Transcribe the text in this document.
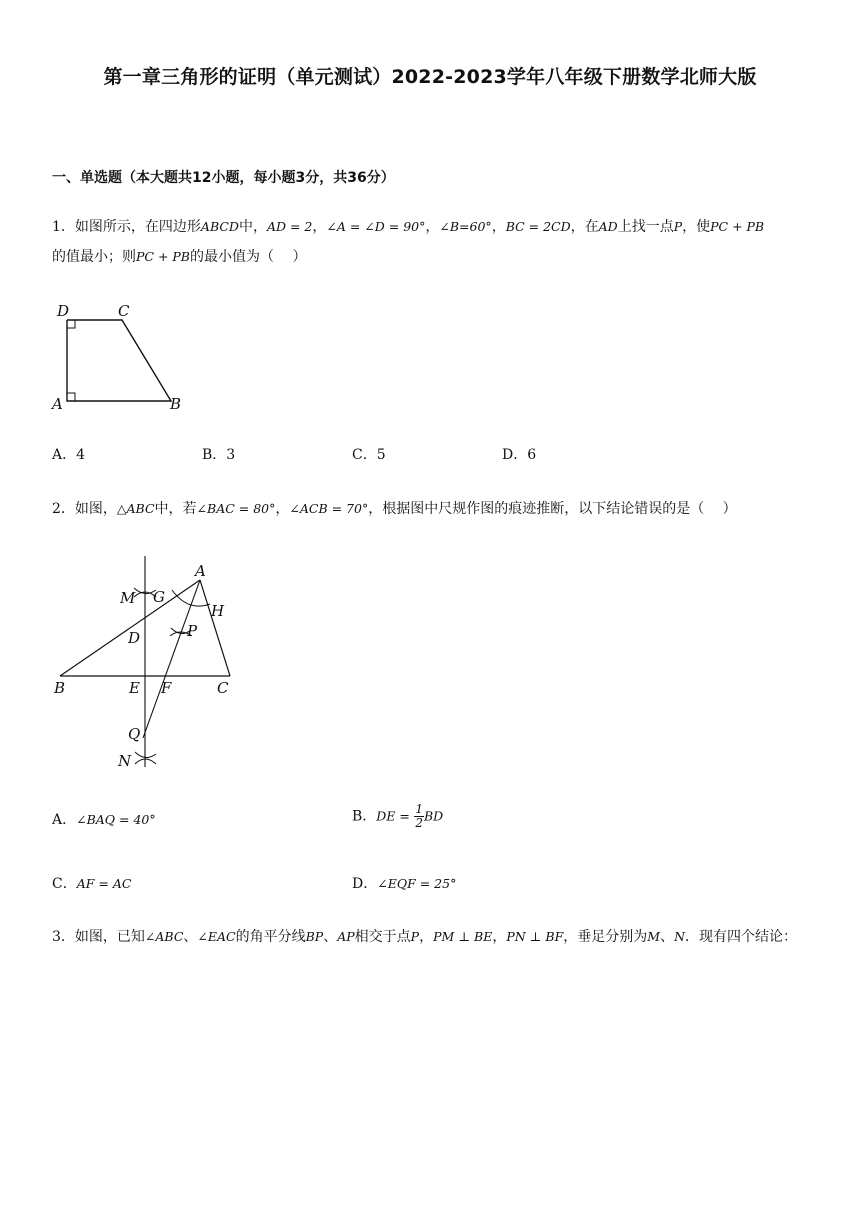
第一章三角形的证明（单元测试）2022-2023学年八年级下册数学北师大版
一、单选题（本大题共12小题，每小题3分，共36分）
1．如图所示，在四边形ABCD中，AD = 2，∠A = ∠D = 90°，∠B=60°，BC = 2CD，在AD上找一点P，使PC + PB
的值最小；则PC + PB的最小值为（　 ）
D	C
A	B
A．4	B．3	C．5	D．6
2．如图，△ABC中，若∠BAC = 80°，∠ACB = 70°，根据图中尺规作图的痕迹推断，以下结论错误的是（　 ）
A
M G
H
P
D
B	E F	C
Q
N
A．∠BAQ = 40°	B．DE = $\frac{1}{2}$ BD
C．AF = AC	D．∠EQF = 25°
3．如图，已知∠ABC、∠EAC的角平分线BP、AP相交于点P，PM ⊥ BE，PN ⊥ BF，垂足分别为M、N．现有四个结论：
